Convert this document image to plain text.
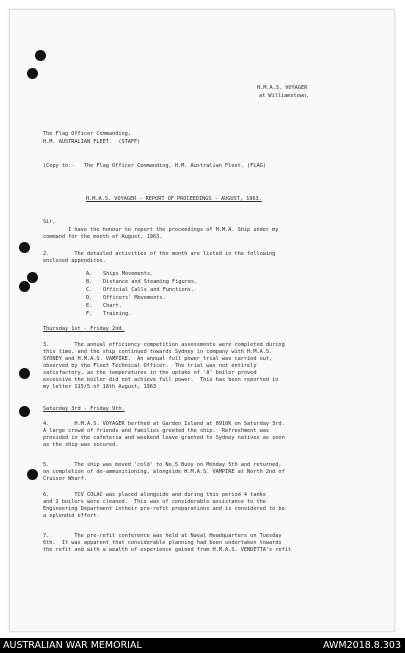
H.M.A.S. VOYAGER
at Williamstown.
The Flag Officer Commanding,
H.M. AUSTRALIAN FLEET.  (STAFF)
(Copy to:-   The Flag Officer Commanding, H.M. Australian Fleet. (FLAG)
H.M.A.S. VOYAGER - REPORT OF PROCEEDINGS - AUGUST, 1963.
Sir,
I have the honour to report the proceedings of H.M.A. Ship under my
command for the month of August, 1963.
2.        The detailed activities of the month are listed in the following
enclosed appendices.
A. Ships Movements.
B. Distance and Steaming Figures.
C. Official Calls and Functions.
D. Officers' Movements.
E. Chart.
F. Training.
Thursday 1st - Friday 2nd.
3.        The annual efficiency competition assessments were completed during
this time, and the ship continued towards Sydney in company with H.M.A.S.
SYDNEY and H.M.A.S. VAMPIRE.  An annual full power trial was carried out,
observed by the Fleet Technical Officer.  The trial was not entirely
satisfactory, as the temperatures in the uptake of 'A' boiler proved
excessive the boiler did not achieve full power.  This has been reported in
my letter 115/5 of 18th August, 1963
Saturday 3rd - Friday 9th.
4.        H.M.A.S. VOYAGER berthed at Garden Island at 0910K on Saturday 3rd.
A large crowd of friends and families greeted the ship.  Refreshment was
provided in the cafeteria and weekend leave granted to Sydney natives as soon
as the ship was secured.
5.        The ship was moved 'cold' to No.5 Buoy on Monday 5th and returned,
on completion of de-ammunitioning, alongside H.M.A.S. VAMPIRE at North 2nd of
Cruiser Wharf.
6.        TCV COLAC was placed alongside and during this period 4 tanks
and 2 boilers were cleaned.  This was of considerable assistance to the
Engineering Department intheir pre-refit preparations and is considered to be
a splendid effort.
7.        The pre-refit conference was held at Naval Headquarters on Tuesday
6th.  It was apparent that considerable planning had been undertaken towards
the refit and with a wealth of experience gained from H.M.A.S. VENDETTA's refit
AUSTRALIAN WAR MEMORIAL	AWM2018.8.303
